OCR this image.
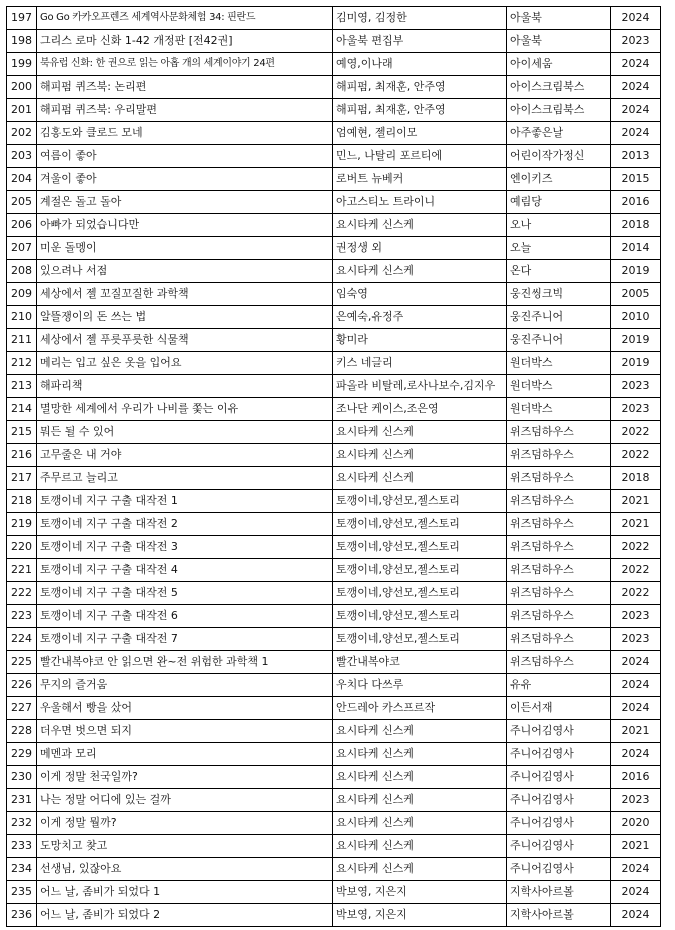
197	Go Go 카카오프렌즈 세계역사문화체험 34: 핀란드	김미영, 김정한	아울북	2024
198	그리스 로마 신화 1-42 개정판 [전42권]	아울북 편집부	아울북	2023
199	북유럽 신화: 한 권으로 읽는 아홉 개의 세계이야기 24편	예영,이나래	아이세움	2024
200	해피펌 퀴즈북: 논리편	해피펌, 최재훈, 안주영	아이스크림북스	2024
201	해피펌 퀴즈북: 우리말편	해피펌, 최재훈, 안주영	아이스크림북스	2024
202	김홍도와 클로드 모네	엄예현, 젤리이모	아주좋은날	2024
203	여름이 좋아	민느, 나탈리 포르티에	어린이작가정신	2013
204	겨울이 좋아	로버트 뉴베커	엔이키즈	2015
205	계절은 돌고 돌아	아고스티노 트라이니	예림당	2016
206	아빠가 되었습니다만	요시타케 신스케	오나	2018
207	미운 돌멩이	권정생 외	오늘	2014
208	있으려나 서점	요시타케 신스케	온다	2019
209	세상에서 젤 꼬질꼬질한 과학책	임숙영	웅진씽크빅	2005
210	알뜰쟁이의 돈 쓰는 법	은예숙,유정주	웅진주니어	2010
211	세상에서 젤 푸릇푸릇한 식물책	황미라	웅진주니어	2019
212	메리는 입고 싶은 옷을 입어요	키스 네글리	원더박스	2019
213	해파리책	파올라 비탈레,로사나보수,김지우	원더박스	2023
214	멸망한 세계에서 우리가 나비를 쫓는 이유	조나단 케이스,조은영	원더박스	2023
215	뭐든 될 수 있어	요시타케 신스케	위즈덤하우스	2022
216	고무줄은 내 거야	요시타케 신스케	위즈덤하우스	2022
217	주무르고 늘리고	요시타케 신스케	위즈덤하우스	2018
218	토깽이네 지구 구출 대작전 1	토깽이네,양선모,젤스토리	위즈덤하우스	2021
219	토깽이네 지구 구출 대작전 2	토깽이네,양선모,젤스토리	위즈덤하우스	2021
220	토깽이네 지구 구출 대작전 3	토깽이네,양선모,젤스토리	위즈덤하우스	2022
221	토깽이네 지구 구출 대작전 4	토깽이네,양선모,젤스토리	위즈덤하우스	2022
222	토깽이네 지구 구출 대작전 5	토깽이네,양선모,젤스토리	위즈덤하우스	2022
223	토깽이네 지구 구출 대작전 6	토깽이네,양선모,젤스토리	위즈덤하우스	2023
224	토깽이네 지구 구출 대작전 7	토깽이네,양선모,젤스토리	위즈덤하우스	2023
225	빨간내복야코 안 읽으면 완~전 위험한 과학책 1	빨간내복야코	위즈덤하우스	2024
226	무지의 즐거움	우치다 다쓰루	유유	2024
227	우울해서 빵을 샀어	안드레아 카스프르작	이든서재	2024
228	더우면 벗으면 되지	요시타케 신스케	주니어김영사	2021
229	메멘과 모리	요시타케 신스케	주니어김영사	2024
230	이게 정말 천국일까?	요시타케 신스케	주니어김영사	2016
231	나는 정말 어디에 있는 걸까	요시타케 신스케	주니어김영사	2023
232	이게 정말 뭘까?	요시타케 신스케	주니어김영사	2020
233	도망치고 찾고	요시타케 신스케	주니어김영사	2021
234	선생님, 있잖아요	요시타케 신스케	주니어김영사	2024
235	어느 날, 좀비가 되었다 1	박보영, 지은지	지학사아르볼	2024
236	어느 날, 좀비가 되었다 2	박보영, 지은지	지학사아르볼	2024
